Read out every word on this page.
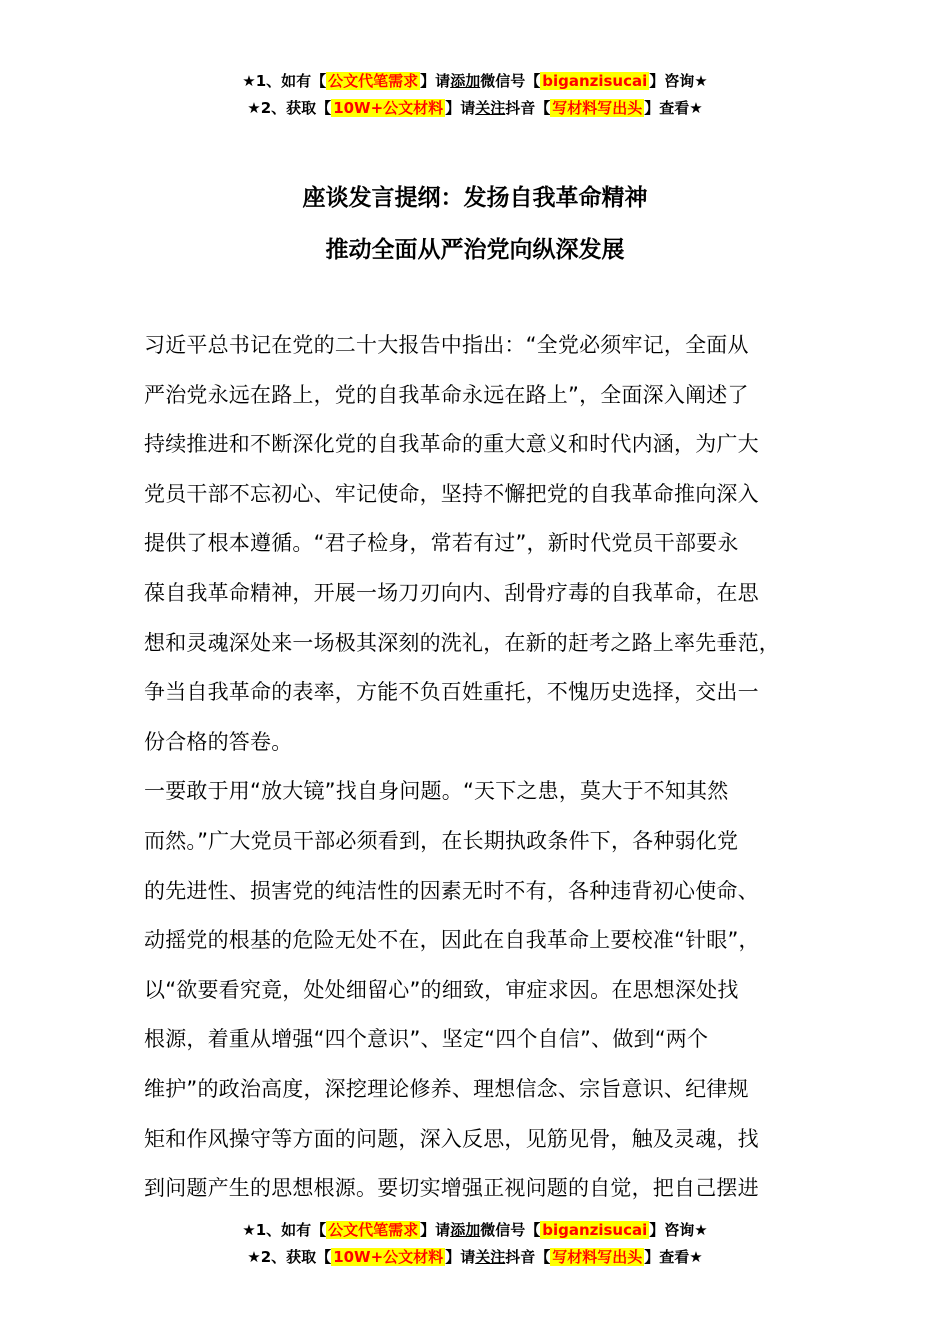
★1、如有【 公文代笔需求 】请添加微信号【 biganzisucai 】咨询★
★2、获取【 10W+公文材料 】请关注抖音【 写材料写出头 】查看★
座谈发言提纲：发扬自我革命精神
推动全面从严治党向纵深发展
习近平总书记在党的二十大报告中指出：“全党必须牢记，全面从
严治党永远在路上，党的自我革命永远在路上”，全面深入阐述了
持续推进和不断深化党的自我革命的重大意义和时代内涵，为广大
党员干部不忘初心、牢记使命，坚持不懈把党的自我革命推向深入
提供了根本遵循。“君子检身，常若有过”，新时代党员干部要永
葆自我革命精神，开展一场刀刃向内、刮骨疗毒的自我革命，在思
想和灵魂深处来一场极其深刻的洗礼，在新的赶考之路上率先垂范，
争当自我革命的表率，方能不负百姓重托，不愧历史选择，交出一
份合格的答卷。
一要敢于用“放大镜”找自身问题。“天下之患，莫大于不知其然
而然。”广大党员干部必须看到，在长期执政条件下，各种弱化党
的先进性、损害党的纯洁性的因素无时不有，各种违背初心使命、
动摇党的根基的危险无处不在，因此在自我革命上要校准“针眼”，
以“欲要看究竟，处处细留心”的细致，审症求因。在思想深处找
根源，着重从增强“四个意识”、坚定“四个自信”、做到“两个
维护”的政治高度，深挖理论修养、理想信念、宗旨意识、纪律规
矩和作风操守等方面的问题，深入反思，见筋见骨，触及灵魂，找
到问题产生的思想根源。要切实增强正视问题的自觉，把自己摆进
★1、如有【 公文代笔需求 】请添加微信号【 biganzisucai 】咨询★
★2、获取【 10W+公文材料 】请关注抖音【 写材料写出头 】查看★
